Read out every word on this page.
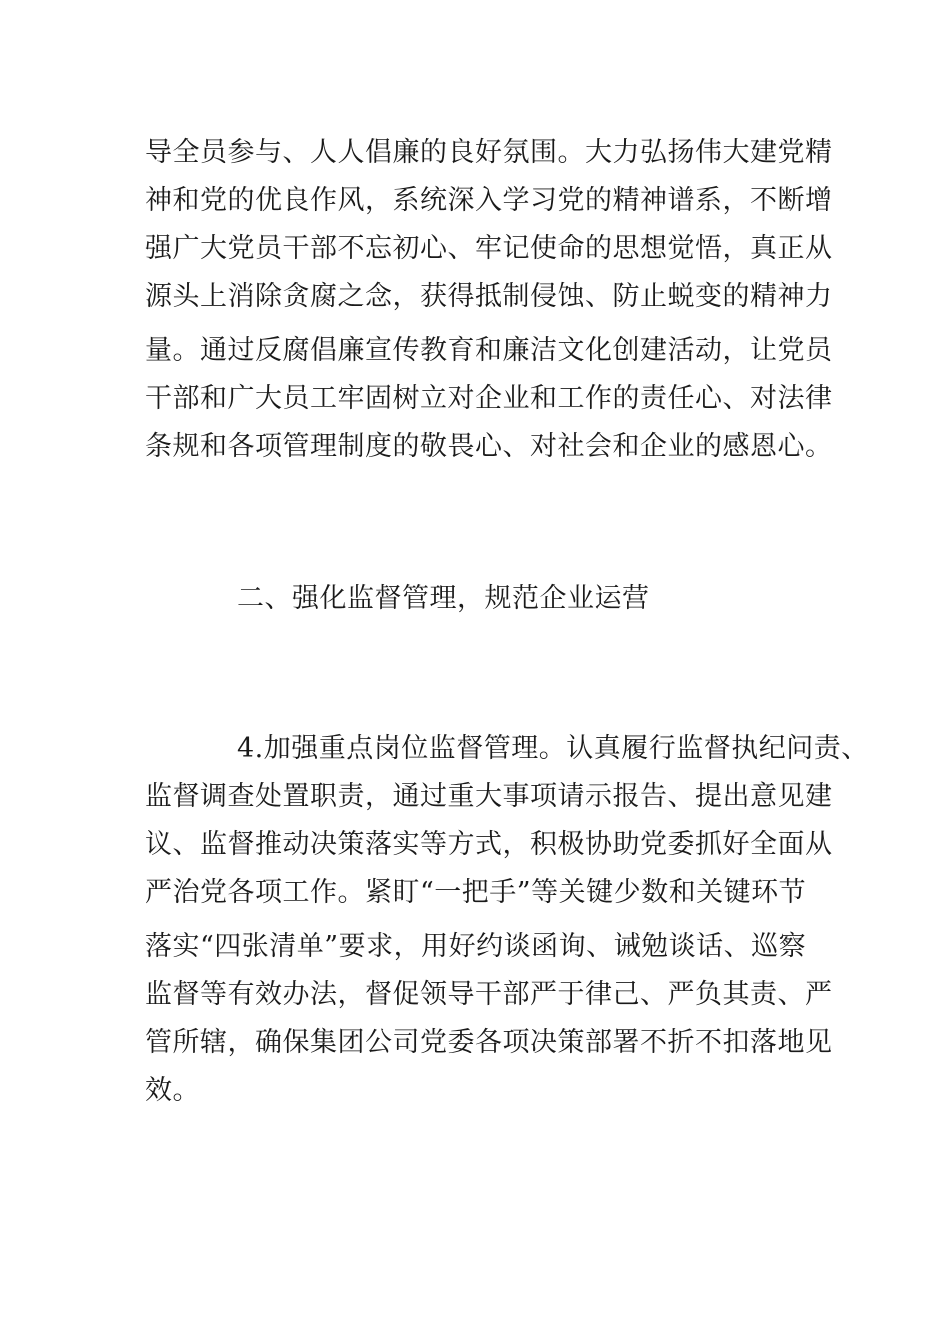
导全员参与、人人倡廉的良好氛围。大力弘扬伟大建党精
神和党的优良作风，系统深入学习党的精神谱系，不断增
强广大党员干部不忘初心、牢记使命的思想觉悟，真正从
源头上消除贪腐之念，获得抵制侵蚀、防止蜕变的精神力
量。通过反腐倡廉宣传教育和廉洁文化创建活动，让党员
干部和广大员工牢固树立对企业和工作的责任心、对法律
条规和各项管理制度的敬畏心、对社会和企业的感恩心。
二、强化监督管理，规范企业运营
4.加强重点岗位监督管理。认真履行监督执纪问责、
监督调查处置职责，通过重大事项请示报告、提出意见建
议、监督推动决策落实等方式，积极协助党委抓好全面从
严治党各项工作。紧盯“一把手”等关键少数和关键环节
落实“四张清单”要求，用好约谈函询、诫勉谈话、巡察
监督等有效办法，督促领导干部严于律己、严负其责、严
管所辖，确保集团公司党委各项决策部署不折不扣落地见
效。
